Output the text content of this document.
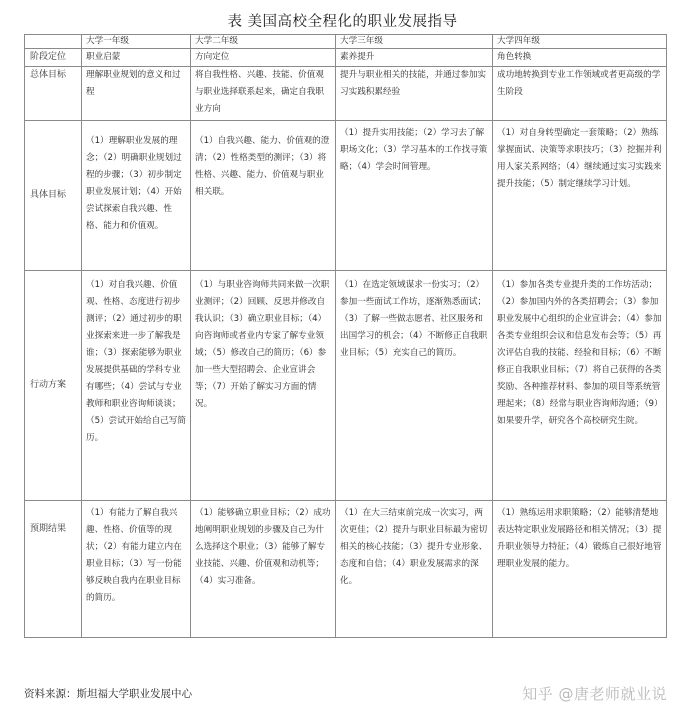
表 美国高校全程化的职业发展指导
	大学一年级	大学二年级	大学三年级	大学四年级
阶段定位	职业启蒙	方向定位	素养提升	角色转换
总体目标	理解职业规划的意义和过程	将自我性格、兴趣、技能、价值观与职业选择联系起来，确定自我职业方向	提升与职业相关的技能，并通过参加实习实践积累经验	成功地转换到专业工作领域或者更高级的学生阶段
具体目标	（1）理解职业发展的理念；（2）明确职业规划过程的步骤；（3）初步制定职业发展计划；（4）开始尝试探索自我兴趣、性格、能力和价值观。	（1）自我兴趣、能力、价值观的澄清；（2）性格类型的测评；（3）将性格、兴趣、能力、价值观与职业相关联。	（1）提升实用技能；（2）学习去了解职场文化；（3）学习基本的工作找寻策略；（4）学会时间管理。	（1）对自身转型确定一套策略；（2）熟练掌握面试、决策等求职技巧；（3）挖掘并利用人家关系网络；（4）继续通过实习实践来提升技能；（5）制定继续学习计划。
行动方案	（1）对自我兴趣、价值观、性格、态度进行初步测评；（2）通过初步的职业探索来进一步了解我是谁；（3）探索能够为职业发展提供基础的学科专业有哪些；（4）尝试与专业教师和职业咨询师谈谈；（5）尝试开始给自己写简历。	（1）与职业咨询师共同来做一次职业测评；（2）回顾、反思并修改自我认识；（3）确立职业目标；（4）向咨询师或者业内专家了解专业领域；（5）修改自己的简历；（6）参加一些大型招聘会、企业宣讲会等；（7）开始了解实习方面的情况。	（1）在选定领域谋求一份实习；（2）参加一些面试工作坊，逐渐熟悉面试；（3）了解一些做志愿者、社区服务和出国学习的机会；（4）不断修正自我职业目标；（5）充实自己的简历。	（1）参加各类专业提升类的工作坊活动；（2）参加国内外的各类招聘会；（3）参加职业发展中心组织的企业宣讲会；（4）参加各类专业组织会议和信息发布会等；（5）再次评估自我的技能、经验和目标；（6）不断修正自我职业目标；（7）将自己获得的各类奖励、各种推荐材料、参加的项目等系统管理起来；（8）经常与职业咨询师沟通；（9）如果要升学，研究各个高校研究生院。
预期结果	（1）有能力了解自我兴趣、性格、价值等的现状；（2）有能力建立内在职业目标；（3）写一份能够反映自我内在职业目标的简历。	（1）能够确立职业目标；（2）成功地阐明职业规划的步骤及自己为什么选择这个职业；（3）能够了解专业技能、兴趣、价值观和动机等；（4）实习准备。	（1）在大三结束前完成一次实习，两次更佳；（2）提升与职业目标最为密切相关的核心技能；（3）提升专业形象、态度和自信；（4）职业发展需求的深化。	（1）熟练运用求职策略；（2）能够清楚地表达特定职业发展路径和相关情况；（3）提升职业领导力特征；（4）锻炼自己很好地管理职业发展的能力。
资料来源：斯坦福大学职业发展中心	知乎 @唐老师就业说
